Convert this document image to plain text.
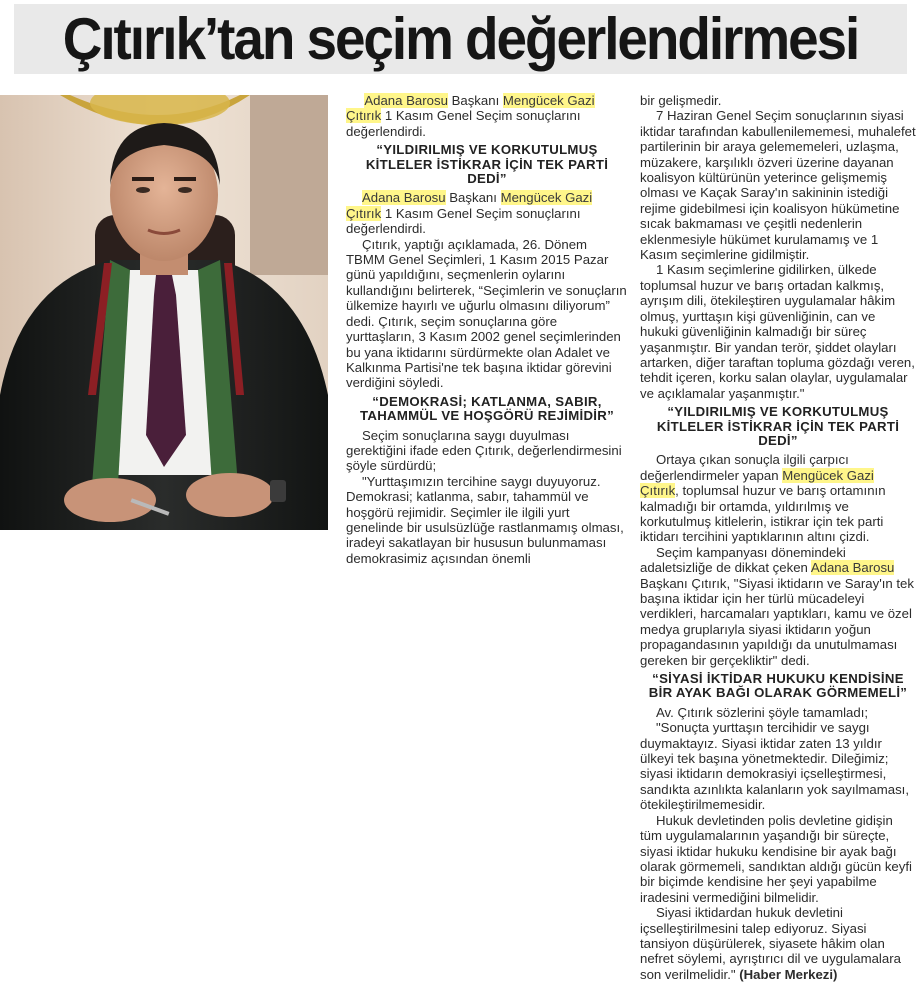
Çıtırık’tan seçim değerlendirmesi

Adana Barosu Başkanı Mengücek Gazi Çıtırık 1 Kasım Genel Seçim sonuçlarını değerlendirdi.

“YILDIRILMIŞ VE KORKUTULMUŞ KİTLELER İSTİKRAR İÇİN TEK PARTİ DEDİ”

Adana Barosu Başkanı Mengücek Gazi Çıtırık 1 Kasım Genel Seçim sonuçlarını değerlendirdi.

Çıtırık, yaptığı açıklamada, 26. Dönem TBMM Genel Seçimleri, 1 Kasım 2015 Pazar günü yapıldığını, seçmenlerin oylarını kullandığını belirterek, “Seçimlerin ve sonuçların ülkemize hayırlı ve uğurlu olmasını diliyorum” dedi. Çıtırık, seçim sonuçlarına göre yurttaşların, 3 Kasım 2002 genel seçimlerinden bu yana iktidarını sürdürmekte olan Adalet ve Kalkınma Partisi'ne tek başına iktidar görevini verdiğini söyledi.

“DEMOKRASİ; KATLANMA, SABIR, TAHAMMÜL VE HOŞGÖRÜ REJİMİDİR”

Seçim sonuçlarına saygı duyulması gerektiğini ifade eden Çıtırık, değerlendirmesini şöyle sürdürdü;

"Yurttaşımızın tercihine saygı duyuyoruz. Demokrasi; katlanma, sabır, tahammül ve hoşgörü rejimidir. Seçimler ile ilgili yurt genelinde bir usulsüzlüğe rastlanmamış olması, iradeyi sakatlayan bir hususun bulunmaması demokrasimiz açısından önemli

bir gelişmedir.

7 Haziran Genel Seçim sonuçlarının siyasi iktidar tarafından kabullenilememesi, muhalefet partilerinin bir araya gelememeleri, uzlaşma, müzakere, karşılıklı özveri üzerine dayanan koalisyon kültürünün yeterince gelişmemiş olması ve Kaçak Saray'ın sakininin istediği rejime gidebilmesi için koalisyon hükümetine sıcak bakmaması ve çeşitli nedenlerin eklenmesiyle hükümet kurulamamış ve 1 Kasım seçimlerine gidilmiştir.

1 Kasım seçimlerine gidilirken, ülkede toplumsal huzur ve barış ortadan kalkmış, ayrışım dili, ötekileştiren uygulamalar hâkim olmuş, yurttaşın kişi güvenliğinin, can ve hukuki güvenliğinin kalmadığı bir süreç yaşanmıştır. Bir yandan terör, şiddet olayları artarken, diğer taraftan topluma gözdağı veren, tehdit içeren, korku salan olaylar, uygulamalar ve açıklamalar yaşanmıştır."

“YILDIRILMIŞ VE KORKUTULMUŞ KİTLELER İSTİKRAR İÇİN TEK PARTİ DEDİ”

Ortaya çıkan sonuçla ilgili çarpıcı değerlendirmeler yapan Mengücek Gazi Çıtırık, toplumsal huzur ve barış ortamının kalmadığı bir ortamda, yıldırılmış ve korkutulmuş kitlelerin, istikrar için tek parti iktidarı tercihini yaptıklarının altını çizdi.

Seçim kampanyası dönemindeki adaletsizliğe de dikkat çeken Adana Barosu Başkanı Çıtırık, "Siyasi iktidarın ve Saray'ın tek başına iktidar için her türlü mücadeleyi verdikleri, harcamaları yaptıkları, kamu ve özel medya gruplarıyla siyasi iktidarın yoğun propagandasının yapıldığı da unutulmaması gereken bir gerçekliktir" dedi.

“SİYASİ İKTİDAR HUKUKU KENDİSİNE BİR AYAK BAĞI OLARAK GÖRMEMELİ”

Av. Çıtırık sözlerini şöyle tamamladı;

"Sonuçta yurttaşın tercihidir ve saygı duymaktayız. Siyasi iktidar zaten 13 yıldır ülkeyi tek başına yönetmektedir. Dileğimiz; siyasi iktidarın demokrasiyi içselleştirmesi, sandıkta azınlıkta kalanların yok sayılmaması, ötekileştirilmemesidir.

Hukuk devletinden polis devletine gidişin tüm uygulamalarının yaşandığı bir süreçte, siyasi iktidar hukuku kendisine bir ayak bağı olarak görmemeli, sandıktan aldığı gücün keyfi bir biçimde kendisine her şeyi yapabilme iradesini vermediğini bilmelidir.

Siyasi iktidardan hukuk devletini içselleştirilmesini talep ediyoruz. Siyasi tansiyon düşürülerek, siyasete hâkim olan nefret söylemi, ayrıştırıcı dil ve uygulamalara son verilmelidir." (Haber Merkezi)
